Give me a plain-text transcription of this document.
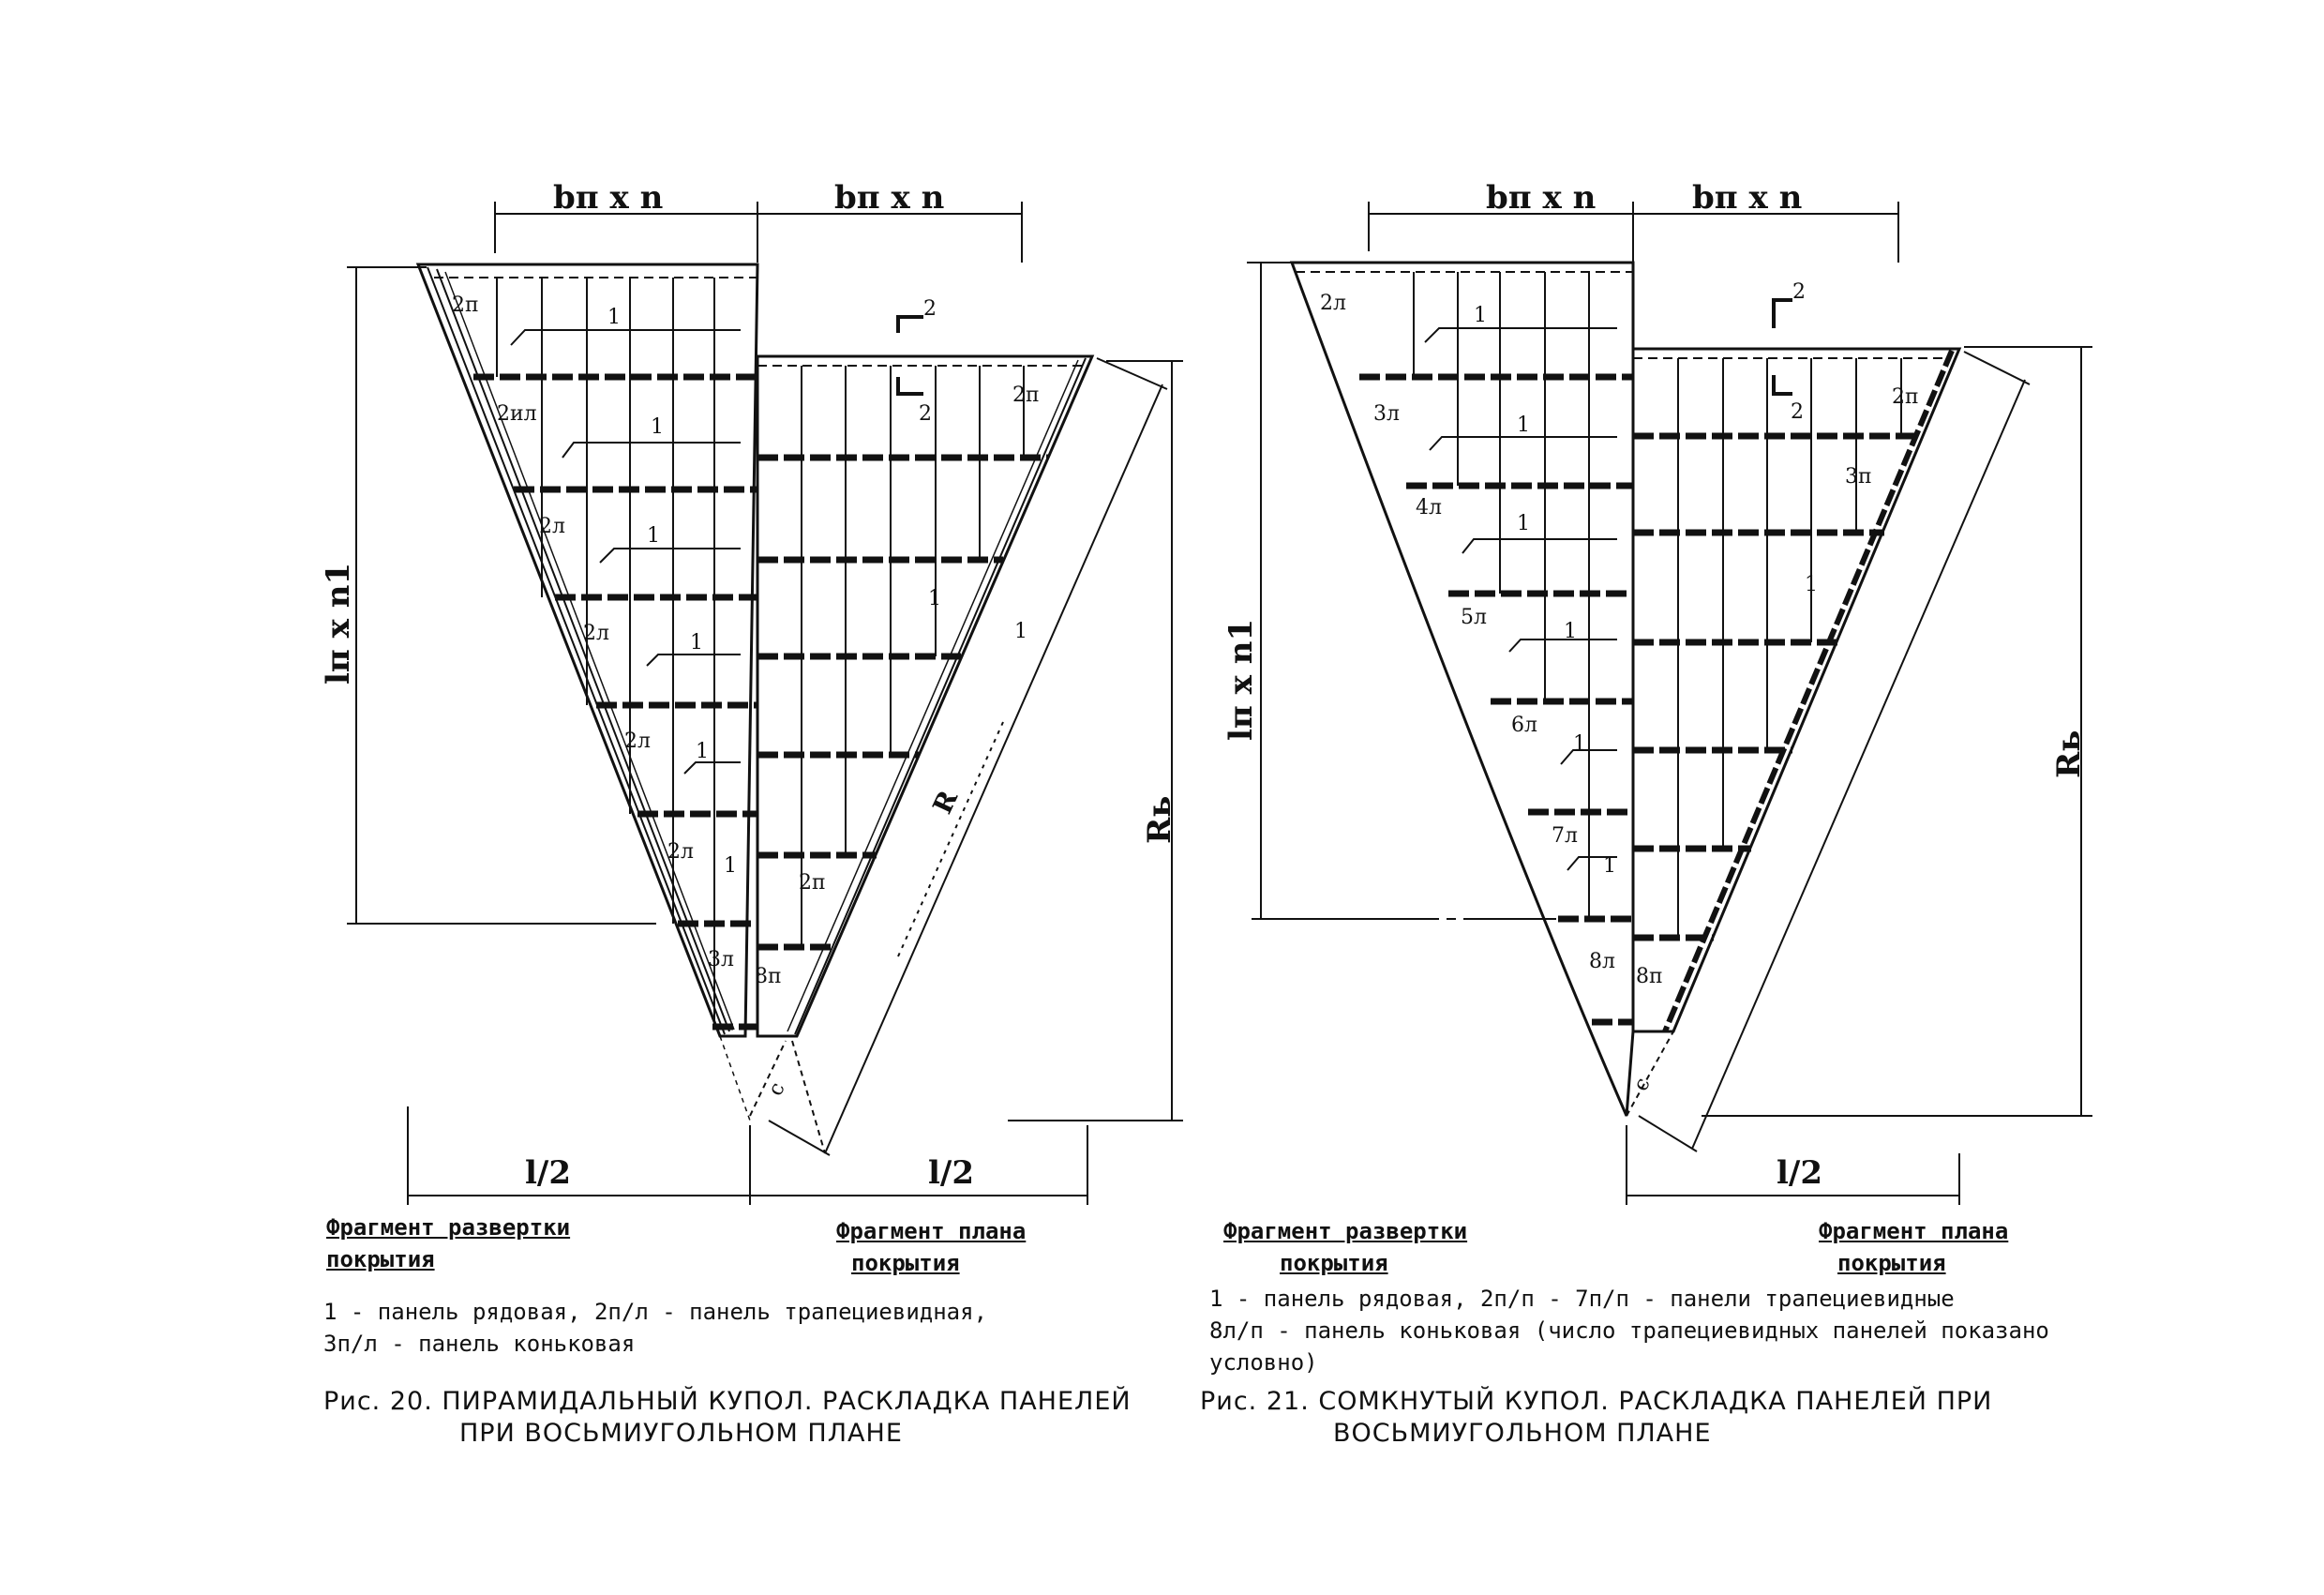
bп x n	bп x n
lп x n1
2
2
R
с
Rь
l/2	l/2
2п
2ил
2л
2л
2л
2л
3л
2п
2п
8п
1
1
1
1
1
1
1
1
bп x n	bп x n
lп x n1
2
2
с
Rь
l/2
2л
3л
4л
5л
6л
7л
8л
2п
3п
8п
1
1
1
1
1
1
1
Фрагмент развертки
покрытия
Фрагмент плана
покрытия
1 - панель рядовая, 2п/л - панель трапециевидная,
3п/л - панель коньковая
Рис. 20. ПИРАМИДАЛЬНЫЙ КУПОЛ. РАСКЛАДКА ПАНЕЛЕЙ
ПРИ ВОСЬМИУГОЛЬНОМ ПЛАНЕ
Фрагмент развертки
покрытия
Фрагмент плана
покрытия
1 - панель рядовая, 2п/п - 7п/п - панели трапециевидные
8л/п - панель коньковая (число трапециевидных панелей показано
условно)
Рис. 21. СОМКНУТЫЙ КУПОЛ. РАСКЛАДКА ПАНЕЛЕЙ ПРИ
ВОСЬМИУГОЛЬНОМ ПЛАНЕ
